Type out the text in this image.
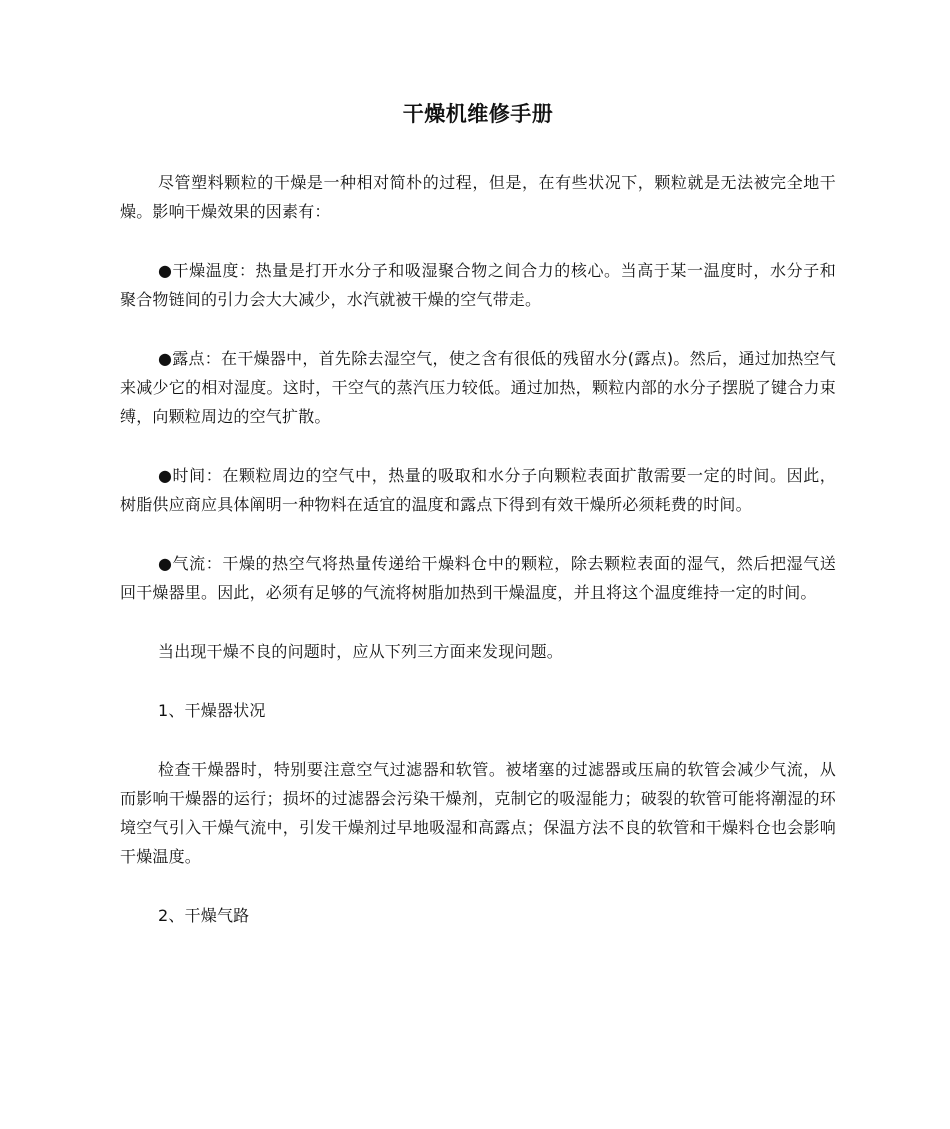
干燥机维修手册

尽管塑料颗粒的干燥是一种相对简朴的过程，但是，在有些状况下，颗粒就是无法被完全地干燥。影响干燥效果的因素有：

●干燥温度：热量是打开水分子和吸湿聚合物之间合力的核心。当高于某一温度时，水分子和聚合物链间的引力会大大减少，水汽就被干燥的空气带走。

●露点：在干燥器中，首先除去湿空气，使之含有很低的残留水分(露点)。然后，通过加热空气来减少它的相对湿度。这时，干空气的蒸汽压力较低。通过加热，颗粒内部的水分子摆脱了键合力束缚，向颗粒周边的空气扩散。

●时间：在颗粒周边的空气中，热量的吸取和水分子向颗粒表面扩散需要一定的时间。因此，树脂供应商应具体阐明一种物料在适宜的温度和露点下得到有效干燥所必须耗费的时间。

●气流：干燥的热空气将热量传递给干燥料仓中的颗粒，除去颗粒表面的湿气，然后把湿气送回干燥器里。因此，必须有足够的气流将树脂加热到干燥温度，并且将这个温度维持一定的时间。

当出现干燥不良的问题时，应从下列三方面来发现问题。

1、干燥器状况

检查干燥器时，特别要注意空气过滤器和软管。被堵塞的过滤器或压扁的软管会减少气流，从而影响干燥器的运行；损坏的过滤器会污染干燥剂，克制它的吸湿能力；破裂的软管可能将潮湿的环境空气引入干燥气流中，引发干燥剂过早地吸湿和高露点；保温方法不良的软管和干燥料仓也会影响干燥温度。

2、干燥气路
